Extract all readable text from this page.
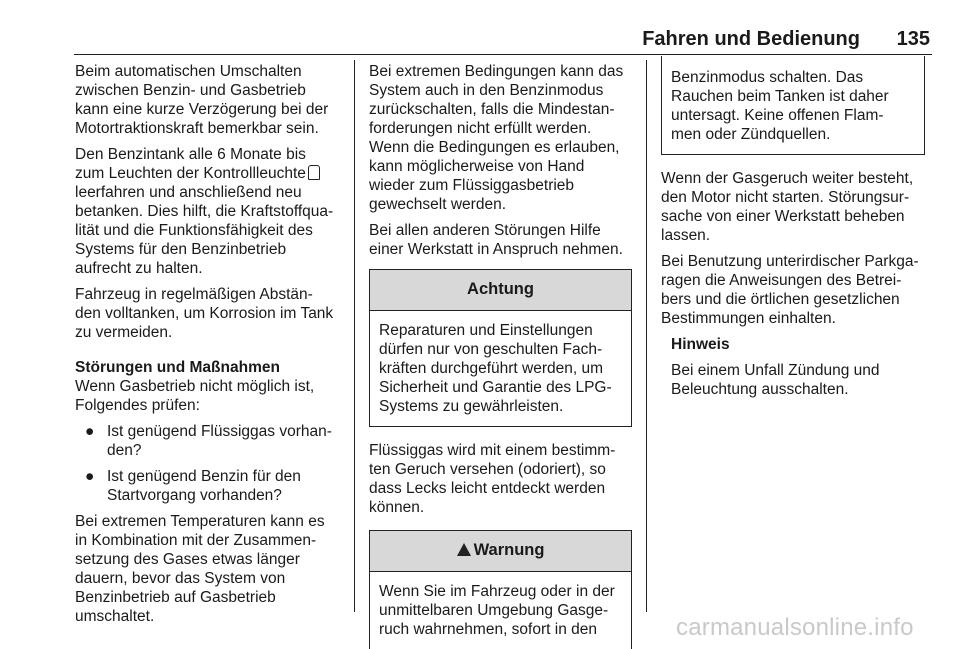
Fahren und Bedienung	135

Beim automatischen Umschalten
zwischen Benzin- und Gasbetrieb
kann eine kurze Verzögerung bei der
Motortraktionskraft bemerkbar sein.

Den Benzintank alle 6 Monate bis
zum Leuchten der Kontrollleuchte
leerfahren und anschließend neu
betanken. Dies hilft, die Kraftstoffqua‐
lität und die Funktionsfähigkeit des
Systems für den Benzinbetrieb
aufrecht zu halten.

Fahrzeug in regelmäßigen Abstän‐
den volltanken, um Korrosion im Tank
zu vermeiden.

Störungen und Maßnahmen

Wenn Gasbetrieb nicht möglich ist,
Folgendes prüfen:

● Ist genügend Flüssiggas vorhan‐
den?
● Ist genügend Benzin für den
Startvorgang vorhanden?

Bei extremen Temperaturen kann es
in Kombination mit der Zusammen‐
setzung des Gases etwas länger
dauern, bevor das System von
Benzinbetrieb auf Gasbetrieb
umschaltet.

Bei extremen Bedingungen kann das
System auch in den Benzinmodus
zurückschalten, falls die Mindestan‐
forderungen nicht erfüllt werden.
Wenn die Bedingungen es erlauben,
kann möglicherweise von Hand
wieder zum Flüssiggasbetrieb
gewechselt werden.

Bei allen anderen Störungen Hilfe
einer Werkstatt in Anspruch nehmen.

Achtung
Reparaturen und Einstellungen
dürfen nur von geschulten Fach‐
kräften durchgeführt werden, um
Sicherheit und Garantie des LPG-
Systems zu gewährleisten.

Flüssiggas wird mit einem bestimm‐
ten Geruch versehen (odoriert), so
dass Lecks leicht entdeckt werden
können.

Warnung
Wenn Sie im Fahrzeug oder in der
unmittelbaren Umgebung Gasge‐
ruch wahrnehmen, sofort in den
Benzinmodus schalten. Das
Rauchen beim Tanken ist daher
untersagt. Keine offenen Flam‐
men oder Zündquellen.

Wenn der Gasgeruch weiter besteht,
den Motor nicht starten. Störungsur‐
sache von einer Werkstatt beheben
lassen.

Bei Benutzung unterirdischer Parkga‐
ragen die Anweisungen des Betrei‐
bers und die örtlichen gesetzlichen
Bestimmungen einhalten.

Hinweis

Bei einem Unfall Zündung und
Beleuchtung ausschalten.

carmanualsonline.info
